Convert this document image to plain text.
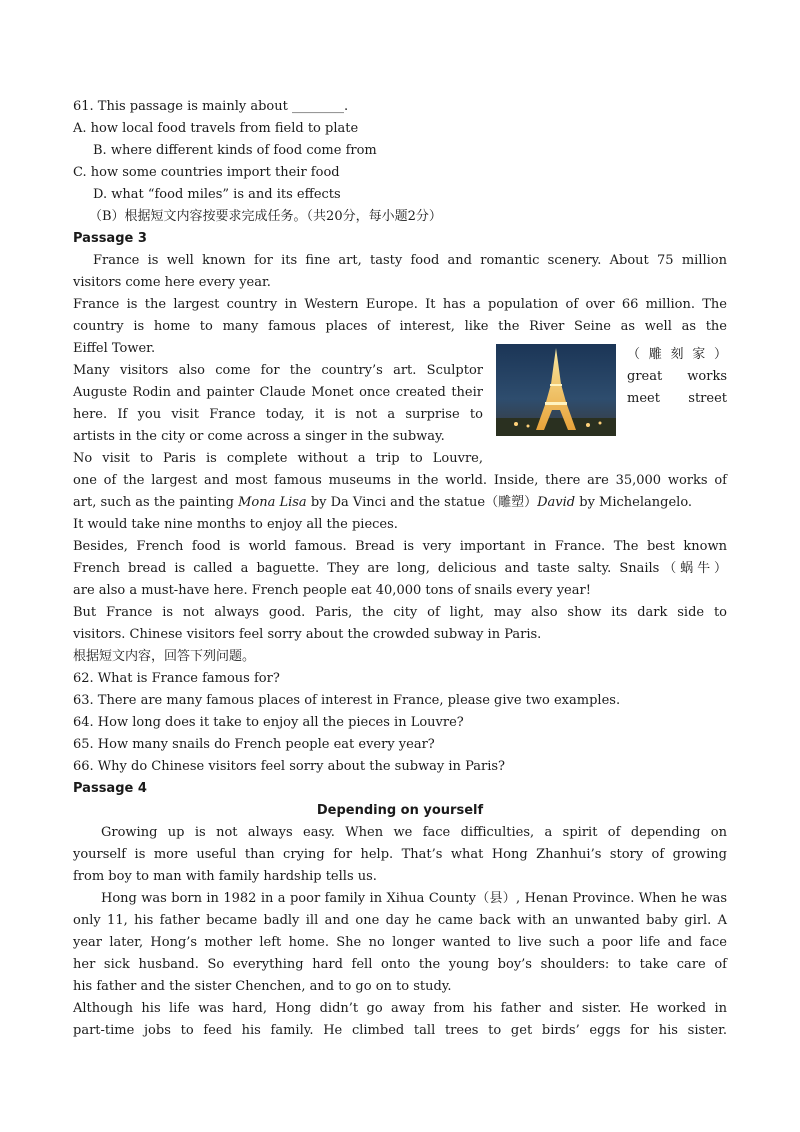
61. This passage is mainly about ________.
A. how local food travels from field to plate
B. where different kinds of food come from
C. how some countries import their food
D. what “food miles” is and its effects
（B）根据短文内容按要求完成任务。（共20分，每小题2分）
Passage 3
France is well known for its fine art, tasty food and romantic scenery. About 75 million
visitors come here every year.
France is the largest country in Western Europe. It has a population of over 66 million. The
country is home to many famous places of interest, like the River Seine as well as the
Eiffel Tower.
Many visitors also come for the country’s art. Sculptor
Auguste Rodin and painter Claude Monet once created their
here. If you visit France today, it is not a surprise to
artists in the city or come across a singer in the subway.
No visit to Paris is complete without a trip to Louvre,
（ 雕 刻 家 ）
great works
meet street
one of the largest and most famous museums in the world. Inside, there are 35,000 works of
art, such as the painting Mona Lisa by Da Vinci and the statue（雕塑）David by Michelangelo.
It would take nine months to enjoy all the pieces.
Besides, French food is world famous. Bread is very important in France. The best known
French bread is called a baguette. They are long, delicious and taste salty. Snails（蜗牛）
are also a must-have here. French people eat 40,000 tons of snails every year!
But France is not always good. Paris, the city of light, may also show its dark side to
visitors. Chinese visitors feel sorry about the crowded subway in Paris.
根据短文内容，回答下列问题。
62. What is France famous for?
63. There are many famous places of interest in France, please give two examples.
64. How long does it take to enjoy all the pieces in Louvre?
65. How many snails do French people eat every year?
66. Why do Chinese visitors feel sorry about the subway in Paris?
Passage 4
Depending on yourself
Growing up is not always easy. When we face difficulties, a spirit of depending on
yourself is more useful than crying for help. That’s what Hong Zhanhui’s story of growing
from boy to man with family hardship tells us.
Hong was born in 1982 in a poor family in Xihua County（县）, Henan Province. When he was
only 11, his father became badly ill and one day he came back with an unwanted baby girl. A
year later, Hong’s mother left home. She no longer wanted to live such a poor life and face
her sick husband. So everything hard fell onto the young boy’s shoulders: to take care of
his father and the sister Chenchen, and to go on to study.
Although his life was hard, Hong didn’t go away from his father and sister. He worked in
part-time jobs to feed his family. He climbed tall trees to get birds’ eggs for his sister.
